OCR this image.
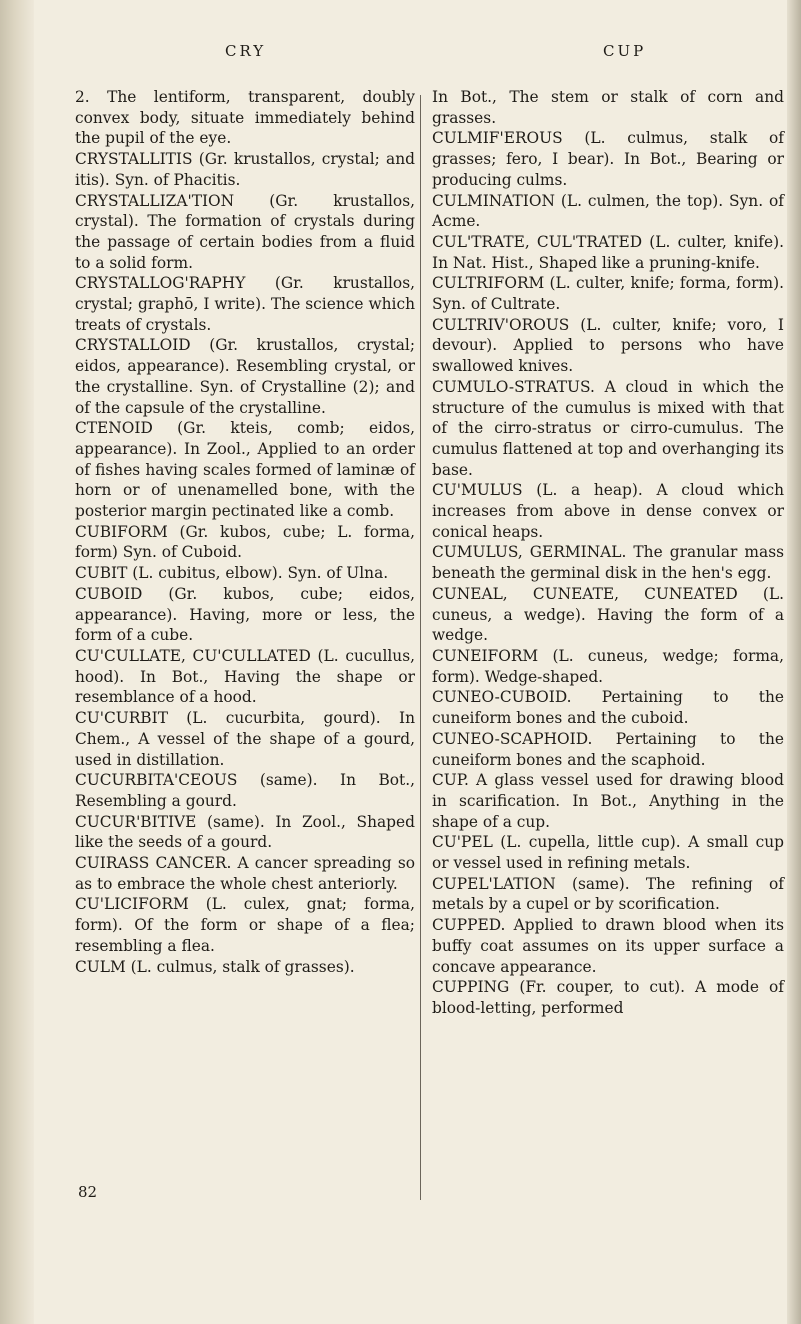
CRY	CUP

2. The lentiform, transparent, doubly convex body, situate immediately behind the pupil of the eye.

CRYSTALLITIS (Gr. krustallos, crystal; and itis). Syn. of Phacitis.

CRYSTALLIZA'TION (Gr. krustallos, crystal). The formation of crystals during the passage of certain bodies from a fluid to a solid form.

CRYSTALLOG'RAPHY (Gr. krustallos, crystal; graphō, I write). The science which treats of crystals.

CRYSTALLOID (Gr. krustallos, crystal; eidos, appearance). Resembling crystal, or the crystalline. Syn. of Crystalline (2); and of the capsule of the crystalline.

CTENOID (Gr. kteis, comb; eidos, appearance). In Zool., Applied to an order of fishes having scales formed of laminæ of horn or of unenamelled bone, with the posterior margin pectinated like a comb.

CUBIFORM (Gr. kubos, cube; L. forma, form) Syn. of Cuboid.

CUBIT (L. cubitus, elbow). Syn. of Ulna.

CUBOID (Gr. kubos, cube; eidos, appearance). Having, more or less, the form of a cube.

CU'CULLATE, CU'CULLATED (L. cucullus, hood). In Bot., Having the shape or resemblance of a hood.

CU'CURBIT (L. cucurbita, gourd). In Chem., A vessel of the shape of a gourd, used in distillation.

CUCURBITA'CEOUS (same). In Bot., Resembling a gourd.

CUCUR'BITIVE (same). In Zool., Shaped like the seeds of a gourd.

CUIRASS CANCER. A cancer spreading so as to embrace the whole chest anteriorly.

CU'LICIFORM (L. culex, gnat; forma, form). Of the form or shape of a flea; resembling a flea.

CULM (L. culmus, stalk of grasses).

In Bot., The stem or stalk of corn and grasses.

CULMIF'EROUS (L. culmus, stalk of grasses; fero, I bear). In Bot., Bearing or producing culms.

CULMINATION (L. culmen, the top). Syn. of Acme.

CUL'TRATE, CUL'TRATED (L. culter, knife). In Nat. Hist., Shaped like a pruning-knife.

CULTRIFORM (L. culter, knife; forma, form). Syn. of Cultrate.

CULTRIV'OROUS (L. culter, knife; voro, I devour). Applied to persons who have swallowed knives.

CUMULO-STRATUS. A cloud in which the structure of the cumulus is mixed with that of the cirro-stratus or cirro-cumulus. The cumulus flattened at top and overhanging its base.

CU'MULUS (L. a heap). A cloud which increases from above in dense convex or conical heaps.

CUMULUS, GERMINAL. The granular mass beneath the germinal disk in the hen's egg.

CUNEAL, CUNEATE, CUNEATED (L. cuneus, a wedge). Having the form of a wedge.

CUNEIFORM (L. cuneus, wedge; forma, form). Wedge-shaped.

CUNEO-CUBOID. Pertaining to the cuneiform bones and the cuboid.

CUNEO-SCAPHOID. Pertaining to the cuneiform bones and the scaphoid.

CUP. A glass vessel used for drawing blood in scarification. In Bot., Anything in the shape of a cup.

CU'PEL (L. cupella, little cup). A small cup or vessel used in refining metals.

CUPEL'LATION (same). The refining of metals by a cupel or by scorification.

CUPPED. Applied to drawn blood when its buffy coat assumes on its upper surface a concave appearance.

CUPPING (Fr. couper, to cut). A mode of blood-letting, performed

82
